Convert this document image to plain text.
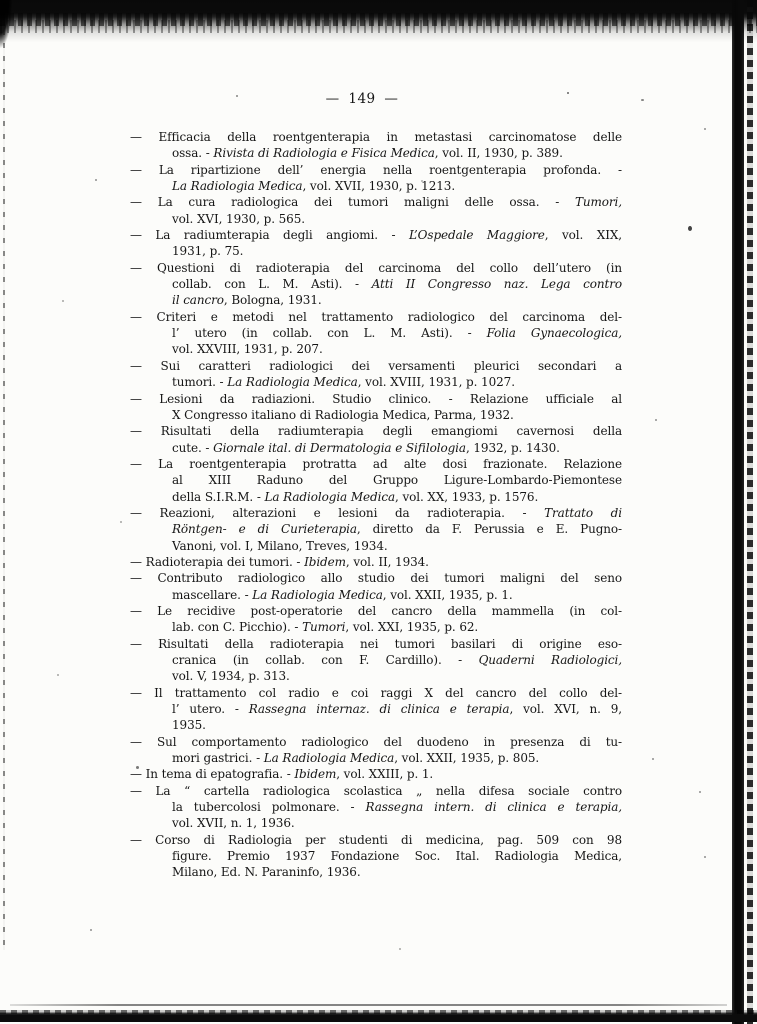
— 149 —
— Efficacia della roentgenterapia in metastasi carcinomatose delle
ossa. - Rivista di Radiologia e Fisica Medica, vol. II, 1930, p. 389.
— La ripartizione dell’ energia nella roentgenterapia profonda. -
La Radiologia Medica, vol. XVII, 1930, p. 1213.
— La cura radiologica dei tumori maligni delle ossa. - Tumori,
vol. XVI, 1930, p. 565.
— La radiumterapia degli angiomi. - L’Ospedale Maggiore, vol. XIX,
1931, p. 75.
— Questioni di radioterapia del carcinoma del collo dell’utero (in
collab. con L. M. Asti). - Atti II Congresso naz. Lega contro
il cancro, Bologna, 1931.
— Criteri e metodi nel trattamento radiologico del carcinoma del-
l’ utero (in collab. con L. M. Asti). - Folia Gynaecologica,
vol. XXVIII, 1931, p. 207.
— Sui caratteri radiologici dei versamenti pleurici secondari a
tumori. - La Radiologia Medica, vol. XVIII, 1931, p. 1027.
— Lesioni da radiazioni. Studio clinico. - Relazione ufficiale al
X Congresso italiano di Radiologia Medica, Parma, 1932.
— Risultati della radiumterapia degli emangiomi cavernosi della
cute. - Giornale ital. di Dermatologia e Sifilologia, 1932, p. 1430.
— La roentgenterapia protratta ad alte dosi frazionate. Relazione
al XIII Raduno del Gruppo Ligure-Lombardo-Piemontese
della S.I.R.M. - La Radiologia Medica, vol. XX, 1933, p. 1576.
— Reazioni, alterazioni e lesioni da radioterapia. - Trattato di
Röntgen- e di Curieterapia, diretto da F. Perussia e E. Pugno-
Vanoni, vol. I, Milano, Treves, 1934.
— Radioterapia dei tumori. - Ibidem, vol. II, 1934.
— Contributo radiologico allo studio dei tumori maligni del seno
mascellare. - La Radiologia Medica, vol. XXII, 1935, p. 1.
— Le recidive post-operatorie del cancro della mammella (in col-
lab. con C. Picchio). - Tumori, vol. XXI, 1935, p. 62.
— Risultati della radioterapia nei tumori basilari di origine eso-
cranica (in collab. con F. Cardillo). - Quaderni Radiologici,
vol. V, 1934, p. 313.
— Il trattamento col radio e coi raggi X del cancro del collo del-
l’ utero. - Rassegna internaz. di clinica e terapia, vol. XVI, n. 9,
1935.
— Sul comportamento radiologico del duodeno in presenza di tu-
mori gastrici. - La Radiologia Medica, vol. XXII, 1935, p. 805.
— In tema di epatografia. - Ibidem, vol. XXIII, p. 1.
— La “ cartella radiologica scolastica „ nella difesa sociale contro
la tubercolosi polmonare. - Rassegna intern. di clinica e terapia,
vol. XVII, n. 1, 1936.
— Corso di Radiologia per studenti di medicina, pag. 509 con 98
figure. Premio 1937 Fondazione Soc. Ital. Radiologia Medica,
Milano, Ed. N. Paraninfo, 1936.
